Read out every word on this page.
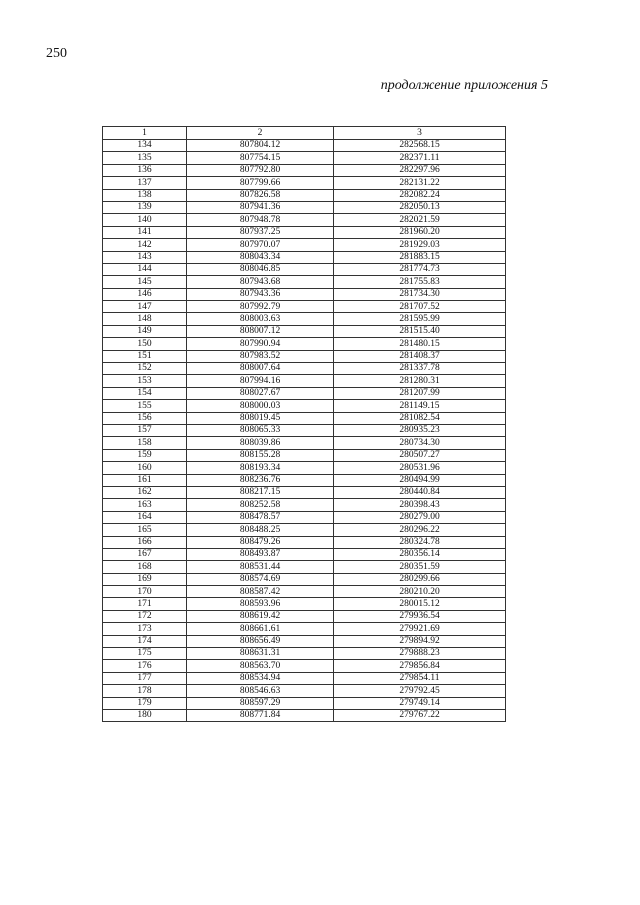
250
продолжение приложения 5
1	2	3
134	807804.12	282568.15
135	807754.15	282371.11
136	807792.80	282297.96
137	807799.66	282131.22
138	807826.58	282082.24
139	807941.36	282050.13
140	807948.78	282021.59
141	807937.25	281960.20
142	807970.07	281929.03
143	808043.34	281883.15
144	808046.85	281774.73
145	807943.68	281755.83
146	807943.36	281734.30
147	807992.79	281707.52
148	808003.63	281595.99
149	808007.12	281515.40
150	807990.94	281480.15
151	807983.52	281408.37
152	808007.64	281337.78
153	807994.16	281280.31
154	808027.67	281207.99
155	808000.03	281149.15
156	808019.45	281082.54
157	808065.33	280935.23
158	808039.86	280734.30
159	808155.28	280507.27
160	808193.34	280531.96
161	808236.76	280494.99
162	808217.15	280440.84
163	808252.58	280398.43
164	808478.57	280279.00
165	808488.25	280296.22
166	808479.26	280324.78
167	808493.87	280356.14
168	808531.44	280351.59
169	808574.69	280299.66
170	808587.42	280210.20
171	808593.96	280015.12
172	808619.42	279936.54
173	808661.61	279921.69
174	808656.49	279894.92
175	808631.31	279888.23
176	808563.70	279856.84
177	808534.94	279854.11
178	808546.63	279792.45
179	808597.29	279749.14
180	808771.84	279767.22
